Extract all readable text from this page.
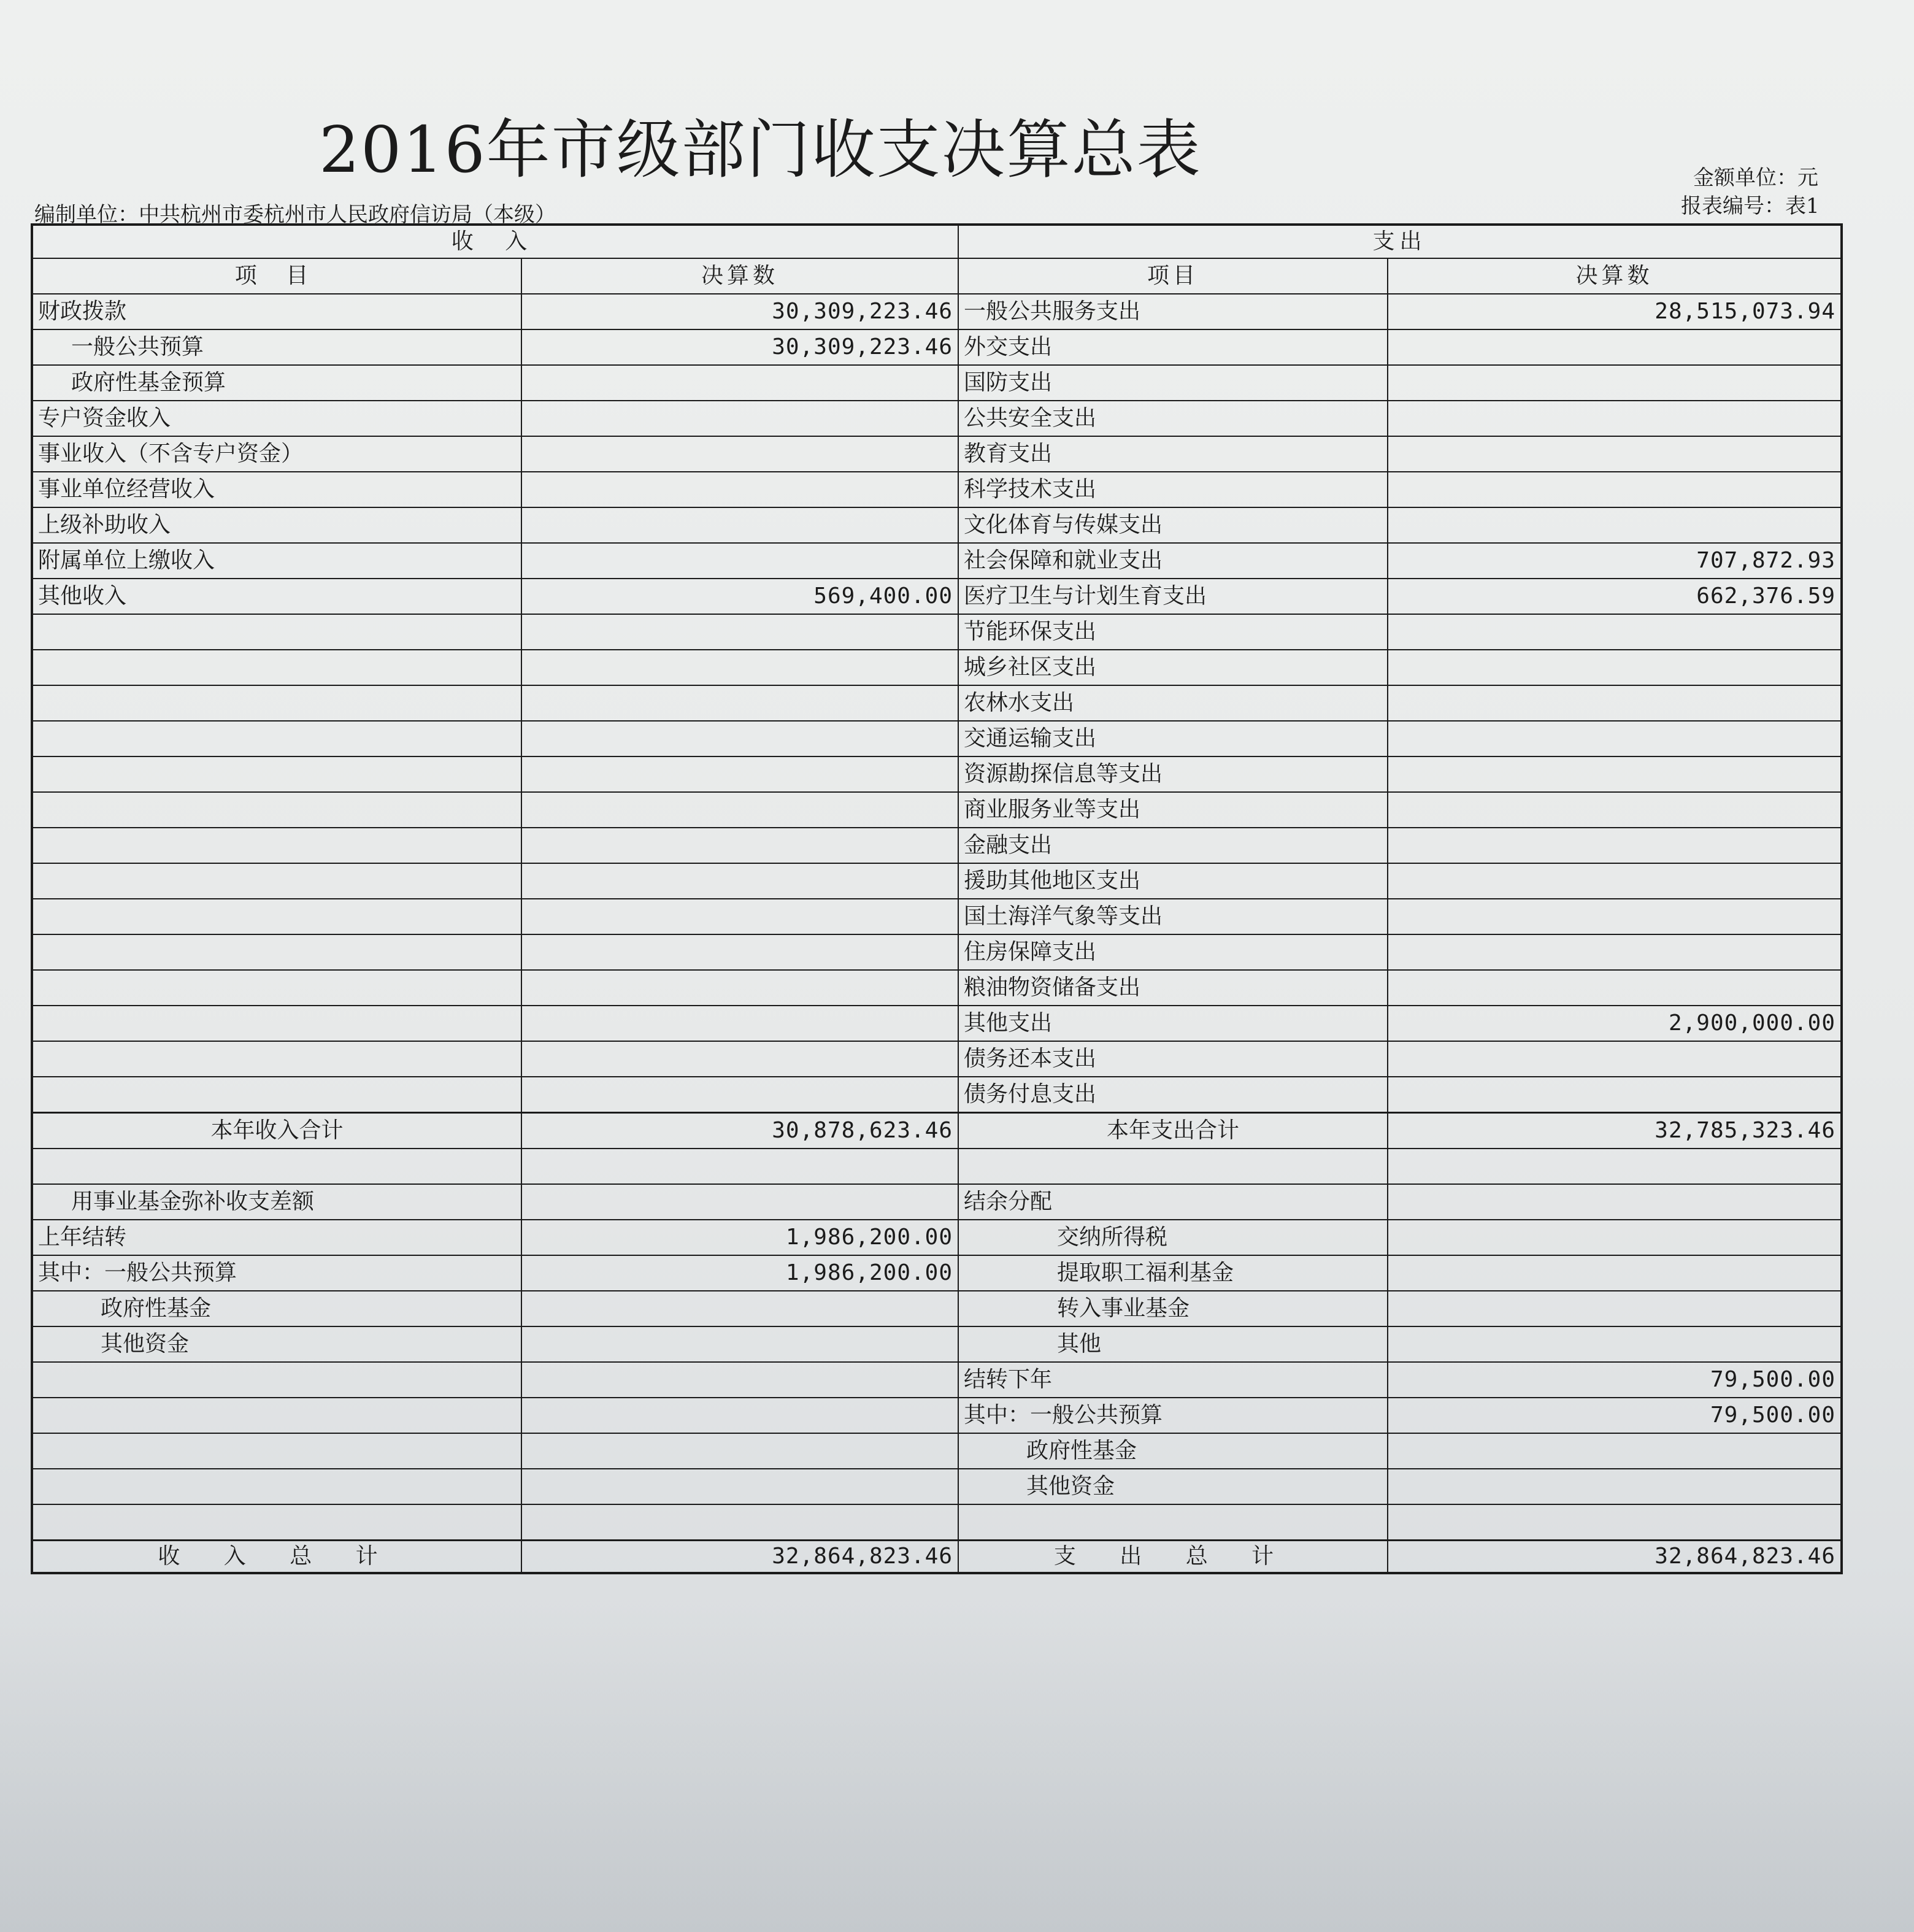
2016年市级部门收支决算总表	金额单位：元
报表编号：表1
编制单位：中共杭州市委杭州市人民政府信访局（本级）
收 入		支出	
项 目	决算数	项目	决算数
财政拨款	30,309,223.46	一般公共服务支出	28,515,073.94
一般公共预算	30,309,223.46	外交支出	
政府性基金预算		国防支出	
专户资金收入		公共安全支出	
事业收入（不含专户资金）		教育支出	
事业单位经营收入		科学技术支出	
上级补助收入		文化体育与传媒支出	
附属单位上缴收入		社会保障和就业支出	707,872.93
其他收入	569,400.00	医疗卫生与计划生育支出	662,376.59
		节能环保支出	
		城乡社区支出	
		农林水支出	
		交通运输支出	
		资源勘探信息等支出	
		商业服务业等支出	
		金融支出	
		援助其他地区支出	
		国土海洋气象等支出	
		住房保障支出	
		粮油物资储备支出	
		其他支出	2,900,000.00
		债务还本支出	
		债务付息支出	
本年收入合计	30,878,623.46	本年支出合计	32,785,323.46

用事业基金弥补收支差额		结余分配	
上年结转	1,986,200.00	交纳所得税	
其中：一般公共预算	1,986,200.00	提取职工福利基金	
政府性基金		转入事业基金	
其他资金		其他	
		结转下年	79,500.00
		其中：一般公共预算	79,500.00
		政府性基金	
		其他资金	

收 入 总 计	32,864,823.46	支 出 总 计	32,864,823.46
